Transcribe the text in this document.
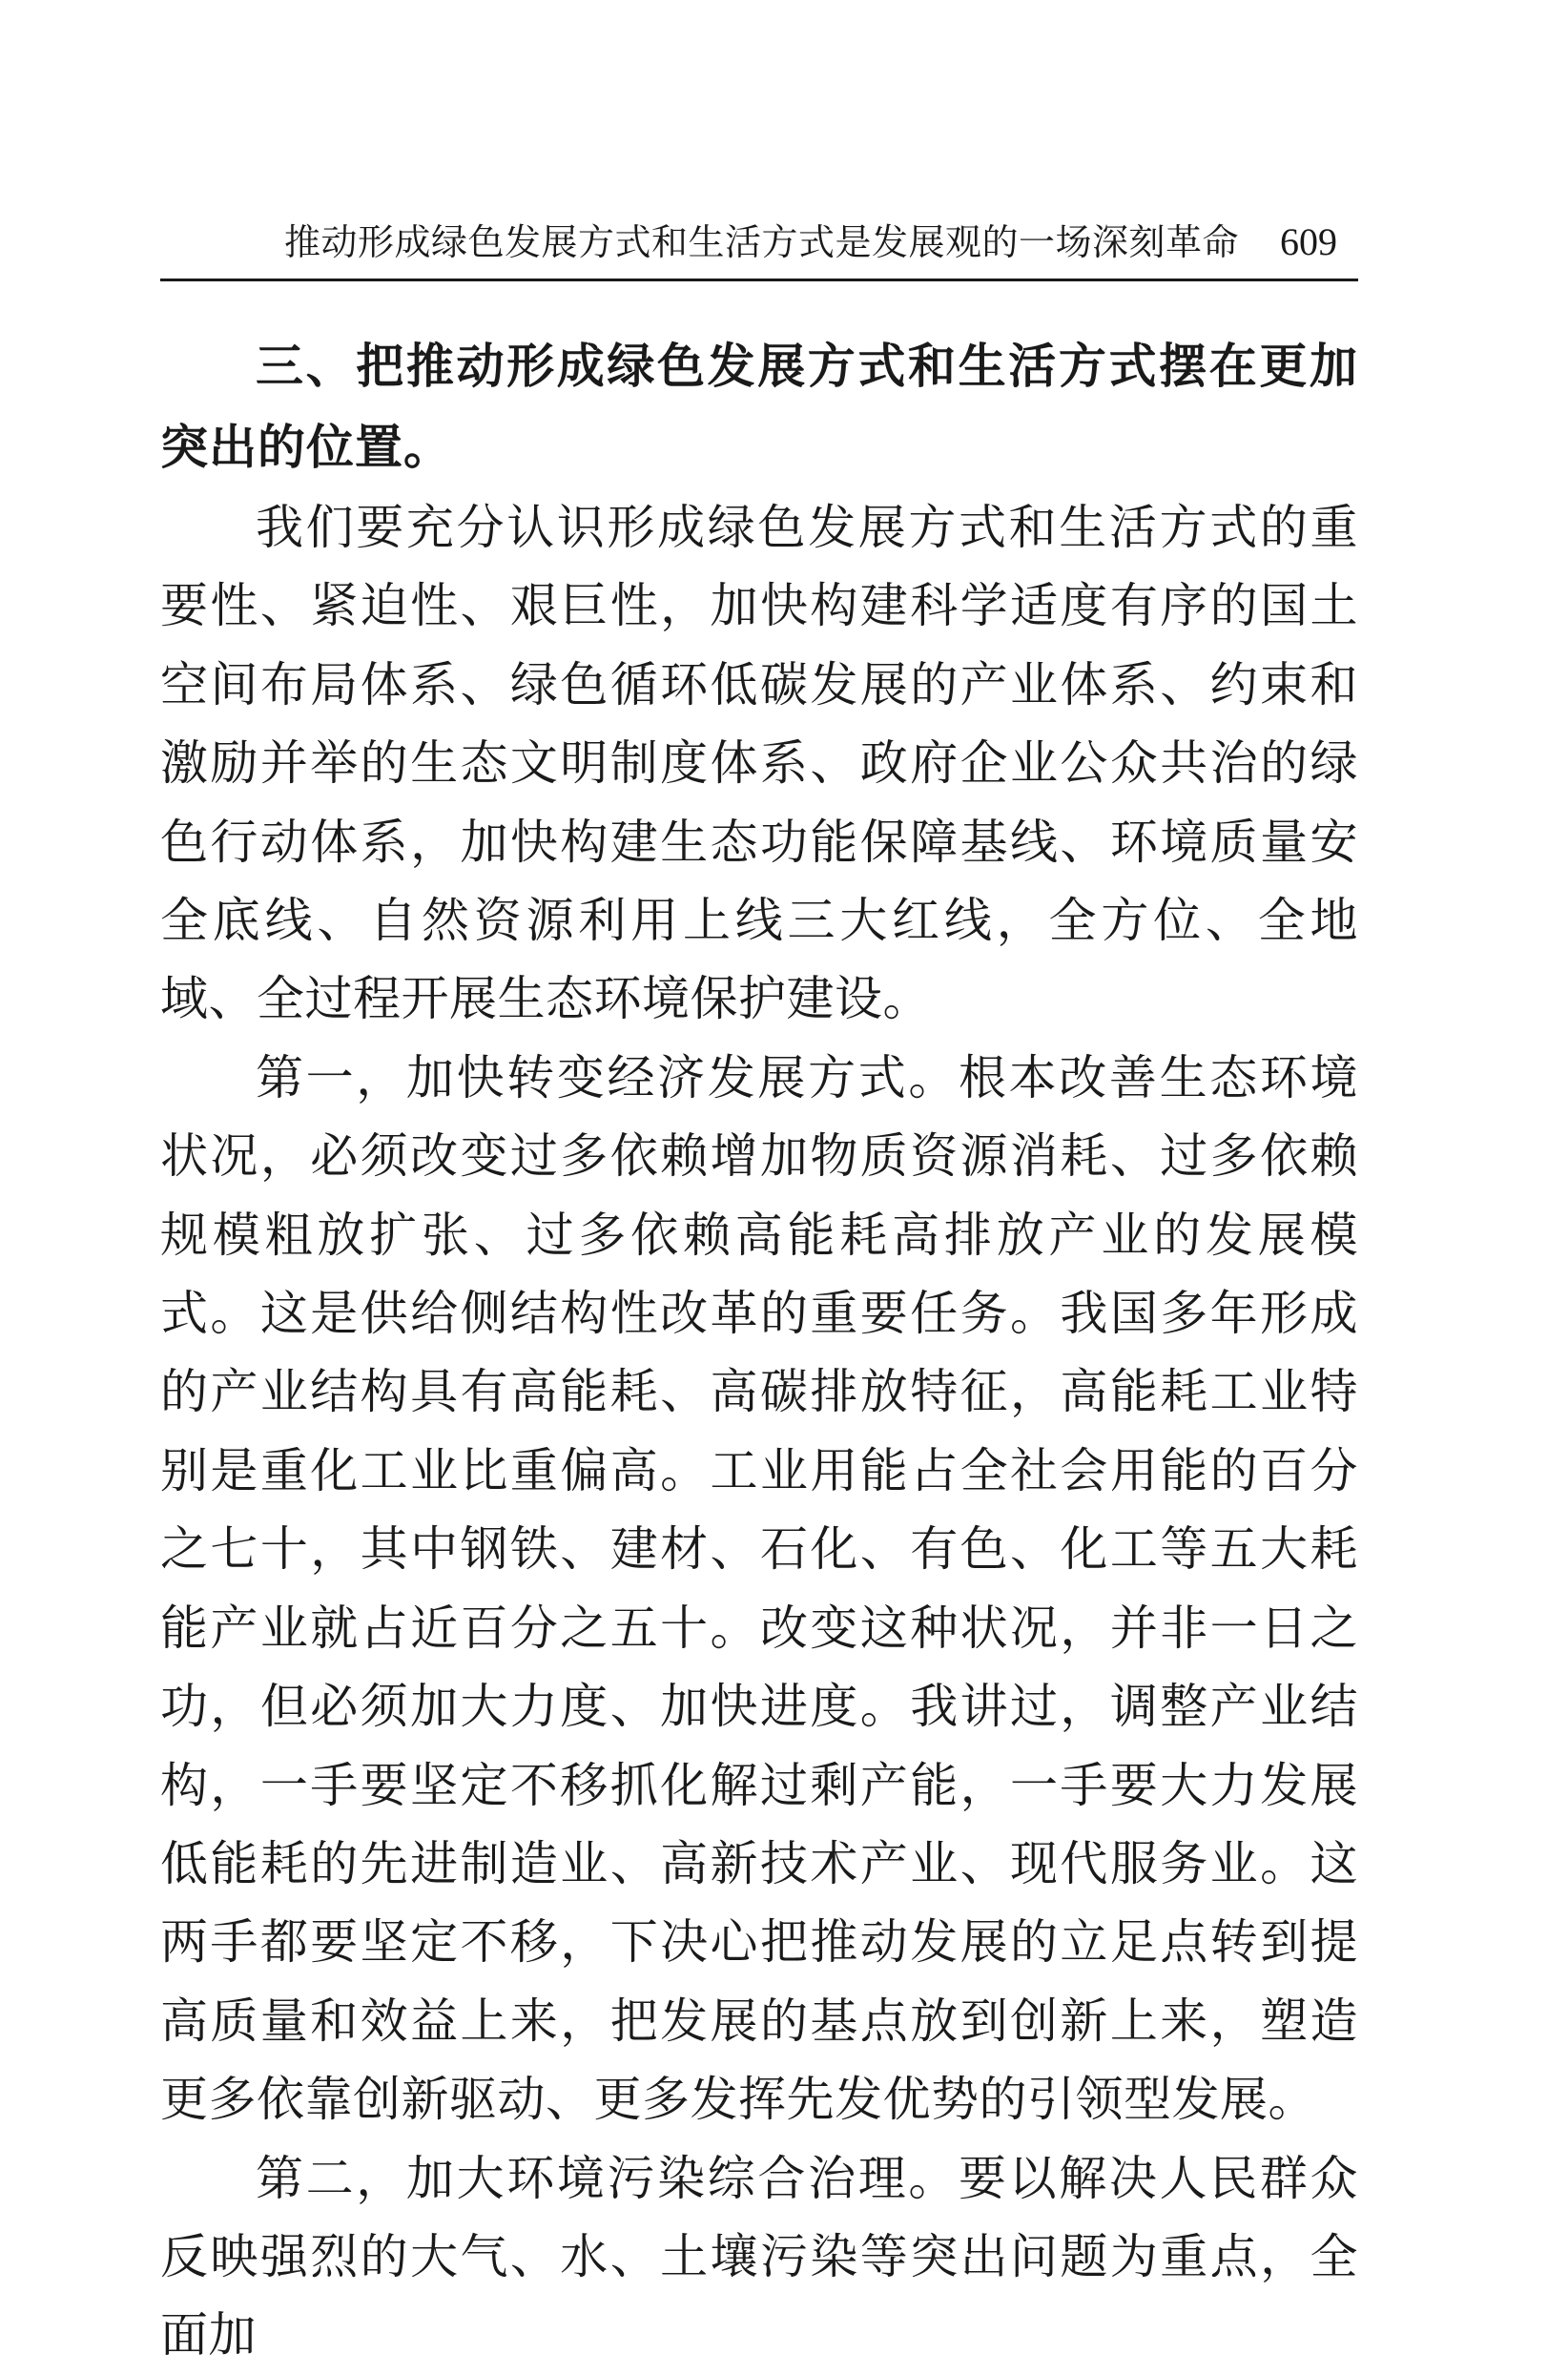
推动形成绿色发展方式和生活方式是发展观的一场深刻革命 609

三、把推动形成绿色发展方式和生活方式摆在更加突出的位置。

我们要充分认识形成绿色发展方式和生活方式的重要性、紧迫性、艰巨性，加快构建科学适度有序的国土空间布局体系、绿色循环低碳发展的产业体系、约束和激励并举的生态文明制度体系、政府企业公众共治的绿色行动体系，加快构建生态功能保障基线、环境质量安全底线、自然资源利用上线三大红线，全方位、全地域、全过程开展生态环境保护建设。

第一，加快转变经济发展方式。根本改善生态环境状况，必须改变过多依赖增加物质资源消耗、过多依赖规模粗放扩张、过多依赖高能耗高排放产业的发展模式。这是供给侧结构性改革的重要任务。我国多年形成的产业结构具有高能耗、高碳排放特征，高能耗工业特别是重化工业比重偏高。工业用能占全社会用能的百分之七十，其中钢铁、建材、石化、有色、化工等五大耗能产业就占近百分之五十。改变这种状况，并非一日之功，但必须加大力度、加快进度。我讲过，调整产业结构，一手要坚定不移抓化解过剩产能，一手要大力发展低能耗的先进制造业、高新技术产业、现代服务业。这两手都要坚定不移，下决心把推动发展的立足点转到提高质量和效益上来，把发展的基点放到创新上来，塑造更多依靠创新驱动、更多发挥先发优势的引领型发展。

第二，加大环境污染综合治理。要以解决人民群众反映强烈的大气、水、土壤污染等突出问题为重点，全面加
